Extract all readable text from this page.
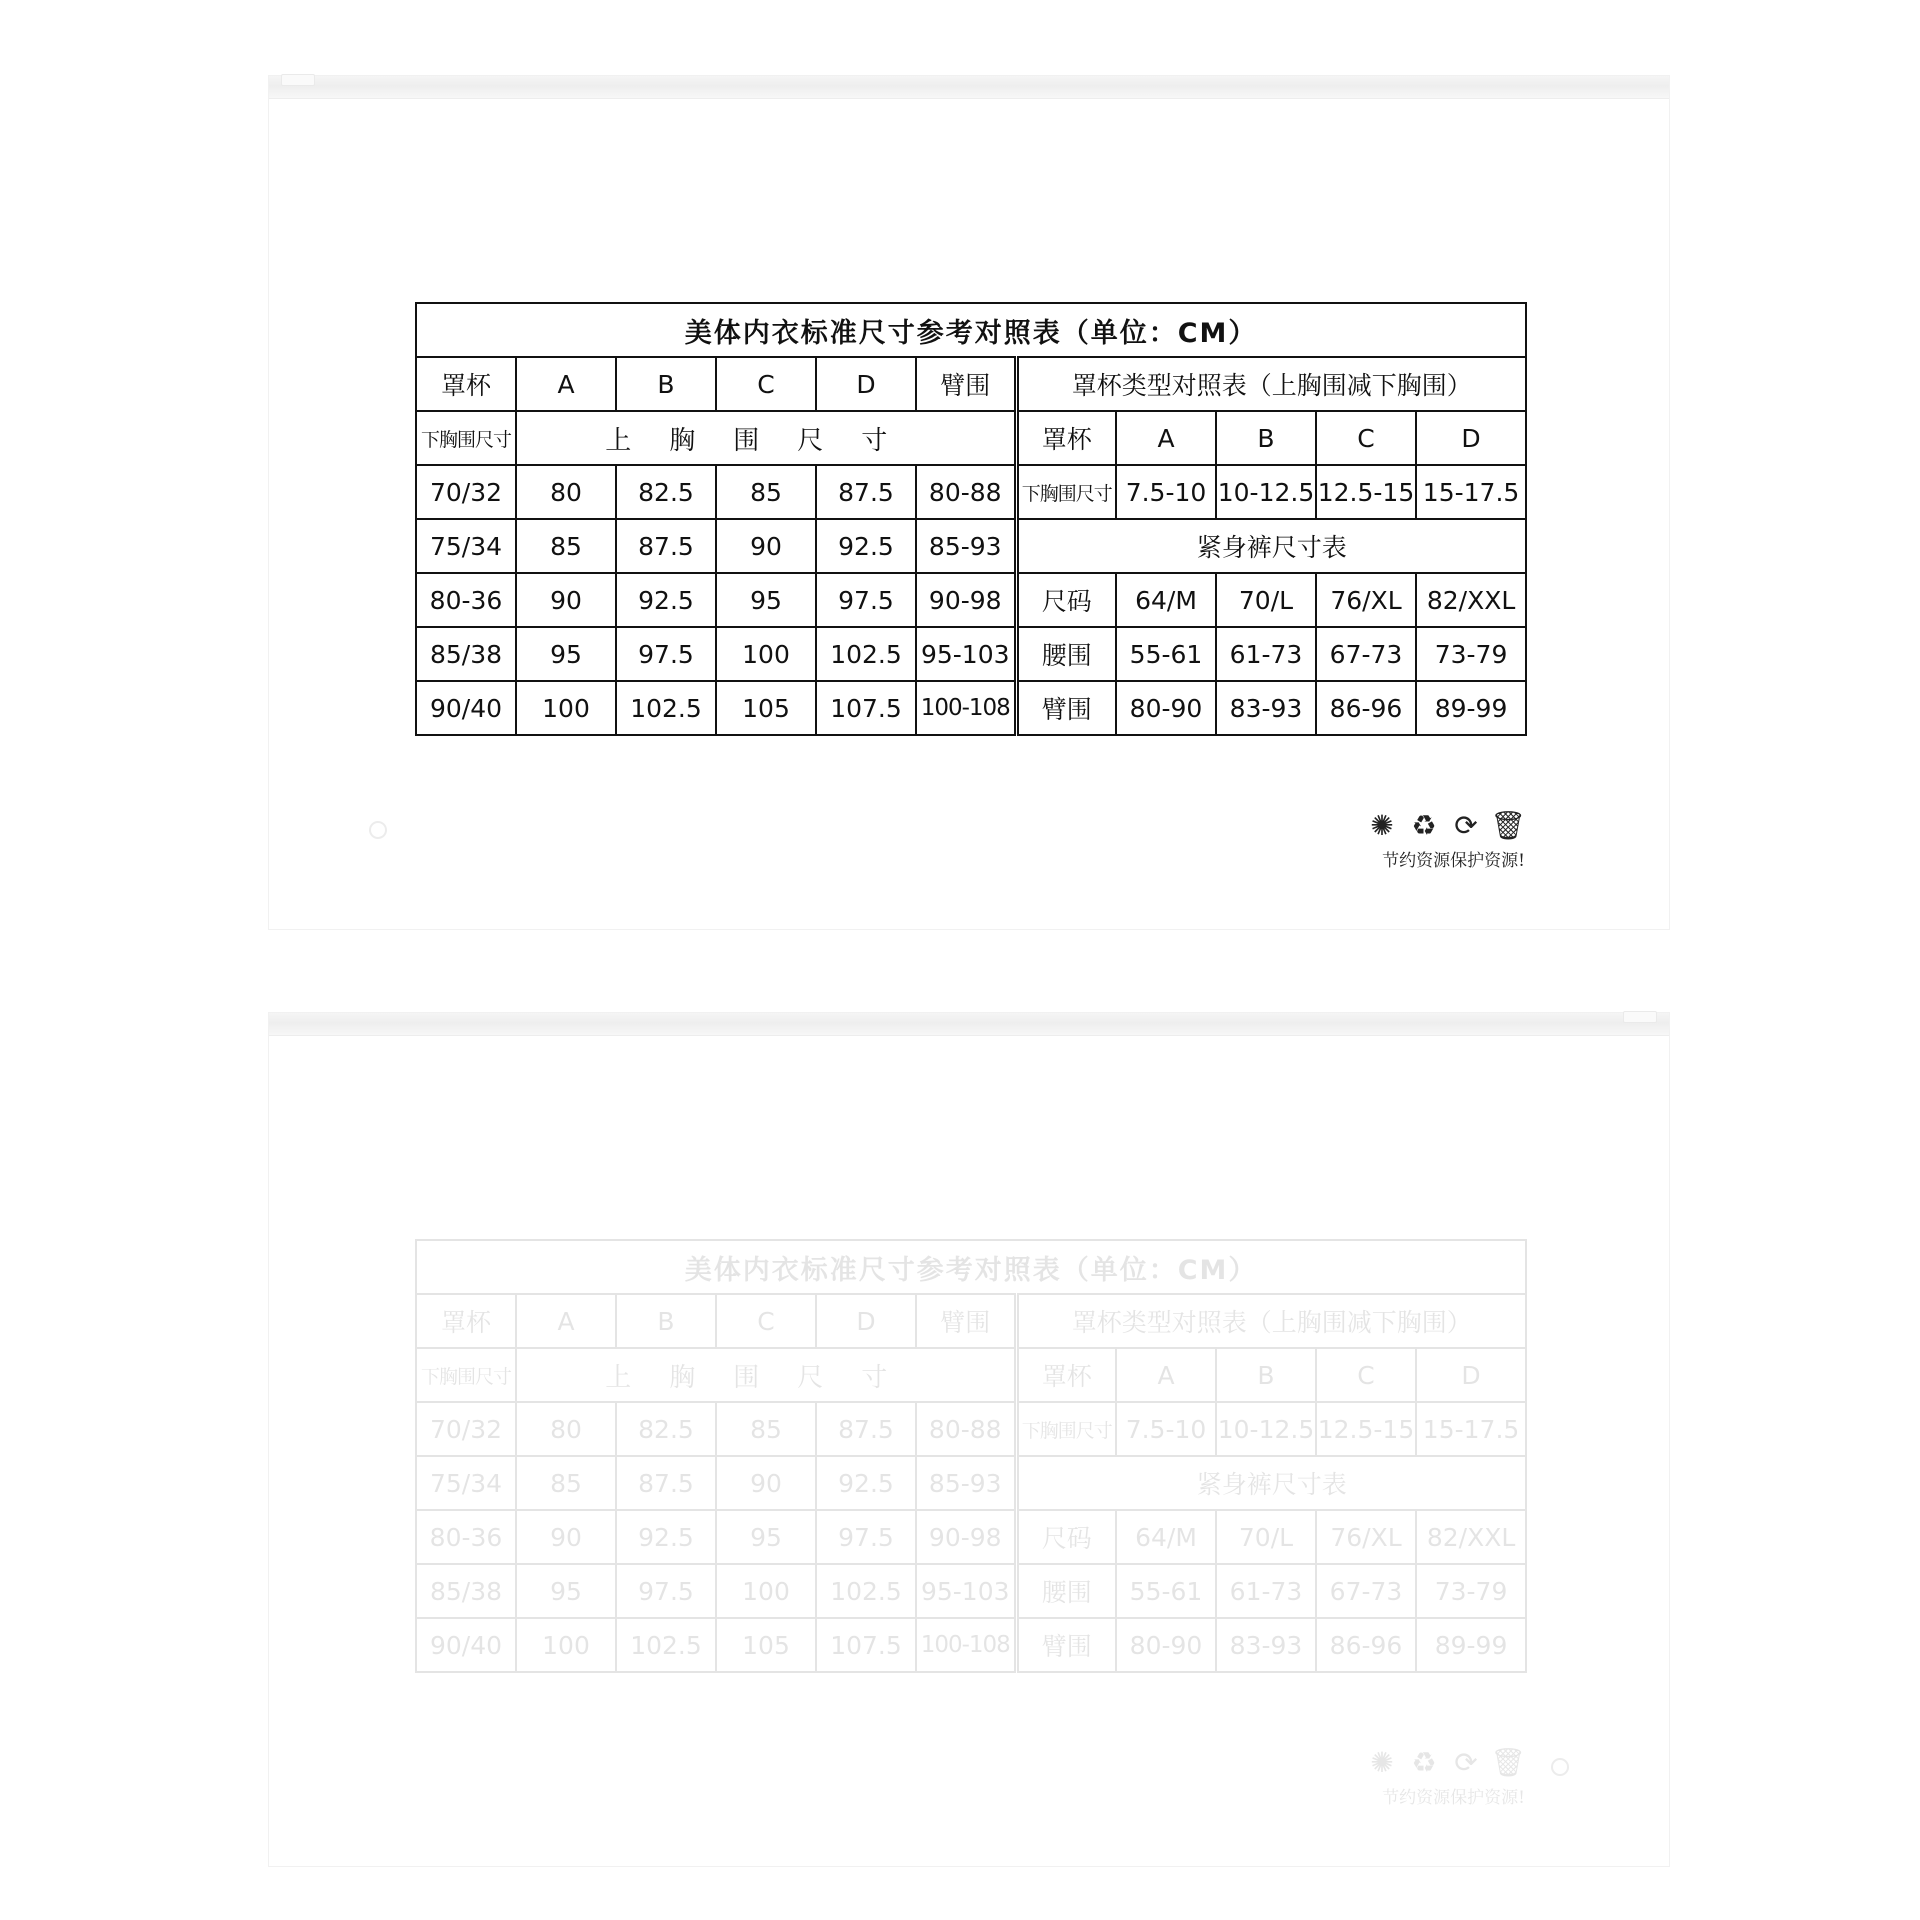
美体内衣标准尺寸参考对照表（单位：CM）										
罩杯	A	B	C	D	臂围	罩杯类型对照表（上胸围减下胸围）				
下胸围尺寸	上胸围尺寸					罩杯	A	B	C	D
70/32	80	82.5	85	87.5	80-88	下胸围尺寸	7.5-10	10-12.5	12.5-15	15-17.5
75/34	85	87.5	90	92.5	85-93	紧身裤尺寸表				
80-36	90	92.5	95	97.5	90-98	尺码	64/M	70/L	76/XL	82/XXL
85/38	95	97.5	100	102.5	95-103	腰围	55-61	61-73	67-73	73-79
90/40	100	102.5	105	107.5	100-108	臂围	80-90	83-93	86-96	89-99
✺ ♻ ⟳ 🗑
节约资源保护资源!
美体内衣标准尺寸参考对照表（单位：CM）										
罩杯	A	B	C	D	臂围	罩杯类型对照表（上胸围减下胸围）				
下胸围尺寸	上胸围尺寸					罩杯	A	B	C	D
70/32	80	82.5	85	87.5	80-88	下胸围尺寸	7.5-10	10-12.5	12.5-15	15-17.5
75/34	85	87.5	90	92.5	85-93	紧身裤尺寸表				
80-36	90	92.5	95	97.5	90-98	尺码	64/M	70/L	76/XL	82/XXL
85/38	95	97.5	100	102.5	95-103	腰围	55-61	61-73	67-73	73-79
90/40	100	102.5	105	107.5	100-108	臂围	80-90	83-93	86-96	89-99
✺ ♻ ⟳ 🗑
节约资源保护资源!
